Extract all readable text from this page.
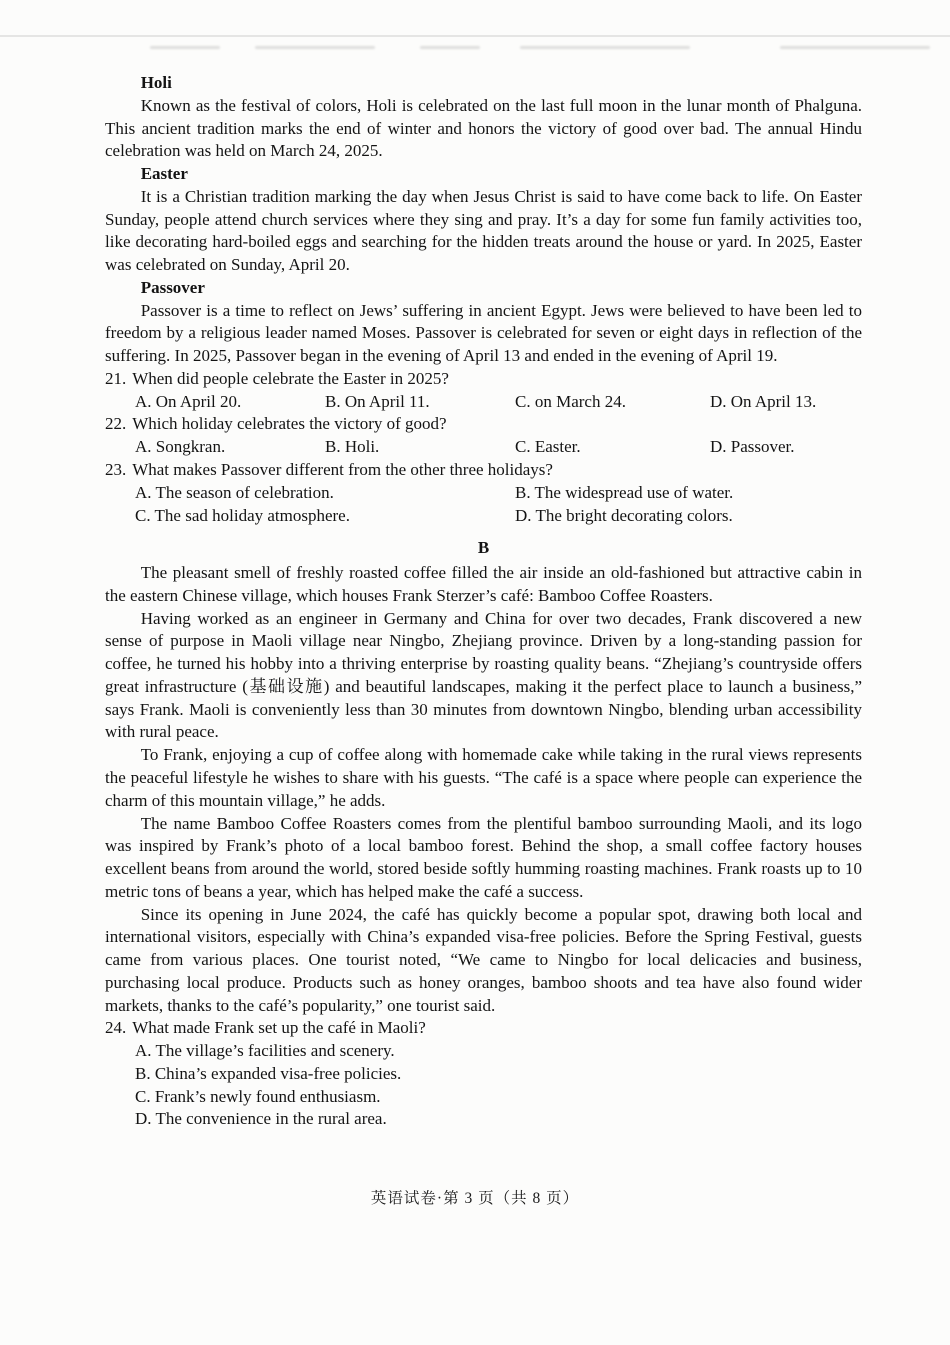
Holi

Known as the festival of colors, Holi is celebrated on the last full moon in the lunar month of Phalguna. This ancient tradition marks the end of winter and honors the victory of good over bad. The annual Hindu celebration was held on March 24, 2025.

Easter

It is a Christian tradition marking the day when Jesus Christ is said to have come back to life. On Easter Sunday, people attend church services where they sing and pray. It’s a day for some fun family activities too, like decorating hard-boiled eggs and searching for the hidden treats around the house or yard. In 2025, Easter was celebrated on Sunday, April 20.

Passover

Passover is a time to reflect on Jews’ suffering in ancient Egypt. Jews were believed to have been led to freedom by a religious leader named Moses. Passover is celebrated for seven or eight days in reflection of the suffering. In 2025, Passover began in the evening of April 13 and ended in the evening of April 19.

21. When did people celebrate the Easter in 2025?

A. On April 20.	B. On April 11.	C. on March 24.	D. On April 13.

22. Which holiday celebrates the victory of good?

A. Songkran.	B. Holi.	C. Easter.	D. Passover.

23. What makes Passover different from the other three holidays?

A. The season of celebration.	B. The widespread use of water.
C. The sad holiday atmosphere.	D. The bright decorating colors.

B

The pleasant smell of freshly roasted coffee filled the air inside an old-fashioned but attractive cabin in the eastern Chinese village, which houses Frank Sterzer’s café: Bamboo Coffee Roasters.

Having worked as an engineer in Germany and China for over two decades, Frank discovered a new sense of purpose in Maoli village near Ningbo, Zhejiang province. Driven by a long-standing passion for coffee, he turned his hobby into a thriving enterprise by roasting quality beans. “Zhejiang’s countryside offers great infrastructure (基础设施) and beautiful landscapes, making it the perfect place to launch a business,” says Frank. Maoli is conveniently less than 30 minutes from downtown Ningbo, blending urban accessibility with rural peace.

To Frank, enjoying a cup of coffee along with homemade cake while taking in the rural views represents the peaceful lifestyle he wishes to share with his guests. “The café is a space where people can experience the charm of this mountain village,” he adds.

The name Bamboo Coffee Roasters comes from the plentiful bamboo surrounding Maoli, and its logo was inspired by Frank’s photo of a local bamboo forest. Behind the shop, a small coffee factory houses excellent beans from around the world, stored beside softly humming roasting machines. Frank roasts up to 10 metric tons of beans a year, which has helped make the café a success.

Since its opening in June 2024, the café has quickly become a popular spot, drawing both local and international visitors, especially with China’s expanded visa-free policies. Before the Spring Festival, guests came from various places. One tourist noted, “We came to Ningbo for local delicacies and business, purchasing local produce. Products such as honey oranges, bamboo shoots and tea have also found wider markets, thanks to the café’s popularity,” one tourist said.

24. What made Frank set up the café in Maoli?

A. The village’s facilities and scenery.

B. China’s expanded visa-free policies.

C. Frank’s newly found enthusiasm.

D. The convenience in the rural area.

英语试卷·第 3 页（共 8 页）
